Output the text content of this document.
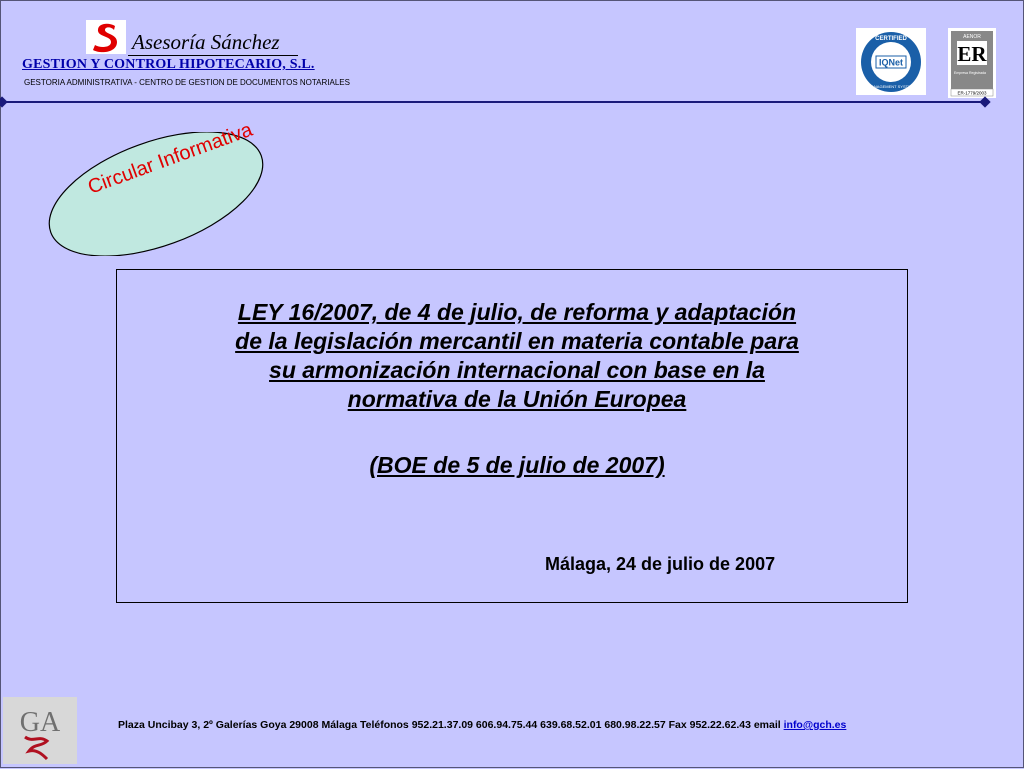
Asesoría Sánchez
GESTION Y CONTROL HIPOTECARIO, S.L.
GESTORIA ADMINISTRATIVA - CENTRO DE GESTION DE DOCUMENTOS NOTARIALES
IQNet
CERTIFIED
MANAGEMENT SYSTEM
AENOR
ER
Empresa Registrada
ER-1779/2003
Circular Informativa
LEY 16/2007, de 4 de julio, de reforma y adaptación
de la legislación mercantil en materia contable para
su armonización internacional con base en la
normativa de la Unión Europea
(BOE de 5 de julio de 2007)
Málaga, 24 de julio de 2007
GA	Plaza Uncibay 3, 2º Galerías Goya 29008 Málaga Teléfonos 952.21.37.09 606.94.75.44 639.68.52.01 680.98.22.57 Fax 952.22.62.43 email info@gch.es
